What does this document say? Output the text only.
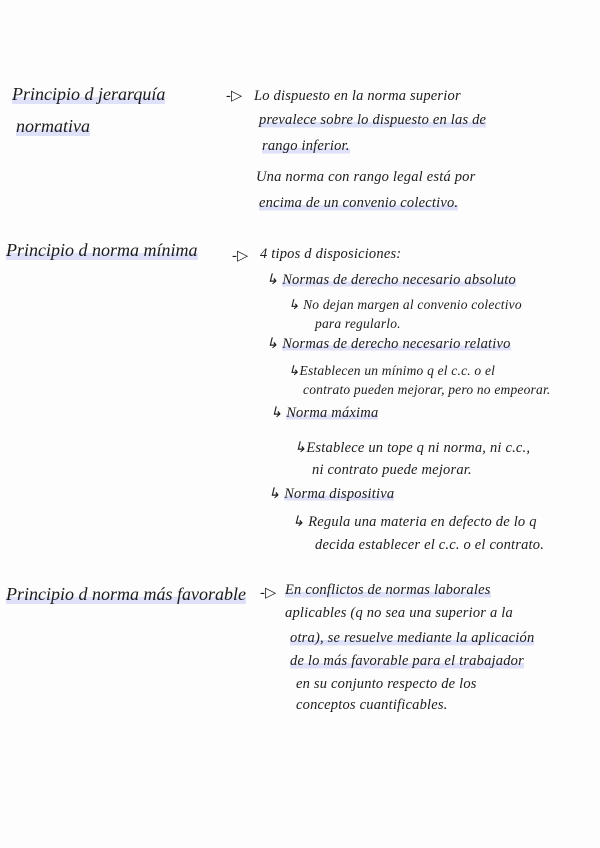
Principio d jerarquía
normativa
-▷ Lo dispuesto en la norma superior
prevalece sobre lo dispuesto en las de
rango inferior.
Una norma con rango legal está por
encima de un convenio colectivo.
Principio d norma mínima -▷ 4 tipos d disposiciones:
↳ Normas de derecho necesario absoluto
↳ No dejan margen al convenio colectivo
para regularlo.
↳ Normas de derecho necesario relativo
↳Establecen un mínimo q el c.c. o el
contrato pueden mejorar, pero no empeorar.
↳ Norma máxima
↳Establece un tope q ni norma, ni c.c.,
ni contrato puede mejorar.
↳ Norma dispositiva
↳ Regula una materia en defecto de lo q
decida establecer el c.c. o el contrato.
Principio d norma más favorable -▷ En conflictos de normas laborales
aplicables (q no sea una superior a la
otra), se resuelve mediante la aplicación
de lo más favorable para el trabajador
en su conjunto respecto de los
conceptos cuantificables.
